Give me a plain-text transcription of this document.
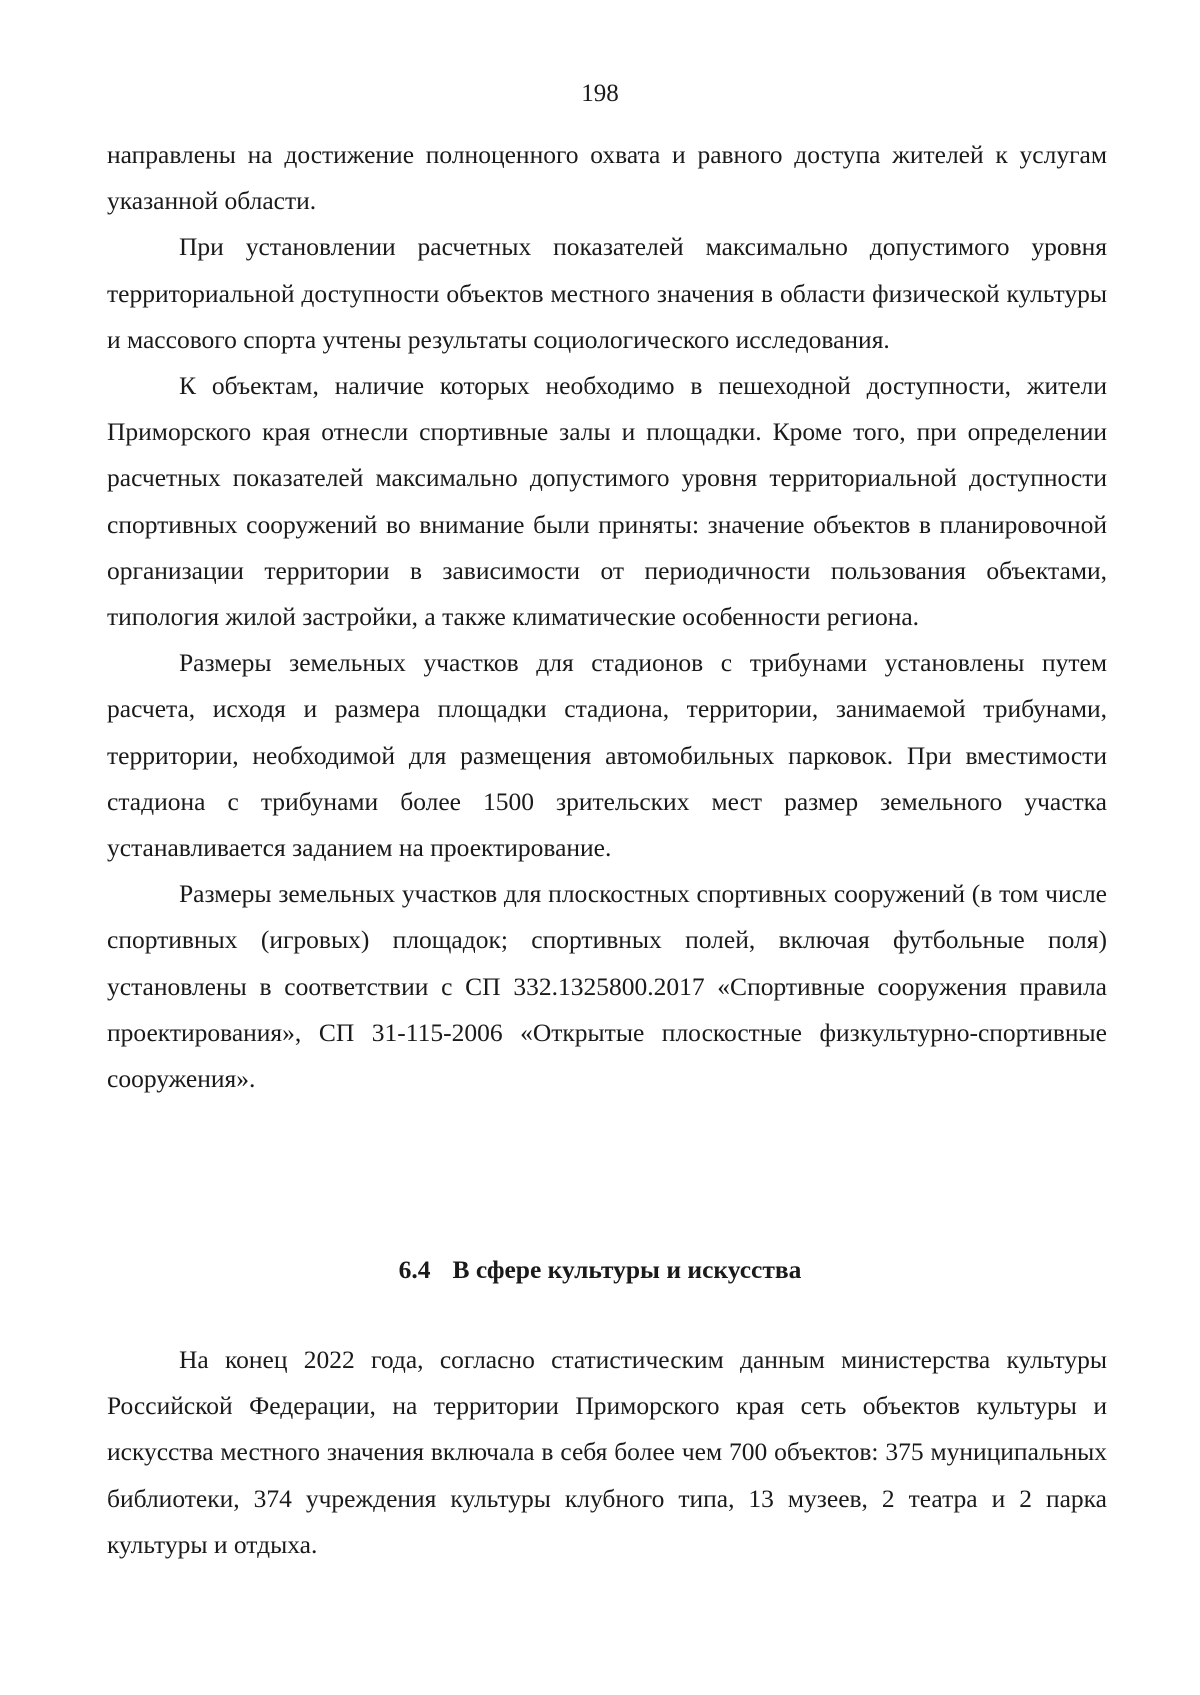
198

направлены на достижение полноценного охвата и равного доступа жителей к услугам указанной области.

При установлении расчетных показателей максимально допустимого уровня территориальной доступности объектов местного значения в области физической культуры и массового спорта учтены результаты социологического исследования.

К объектам, наличие которых необходимо в пешеходной доступности, жители Приморского края отнесли спортивные залы и площадки. Кроме того, при определении расчетных показателей максимально допустимого уровня территориальной доступности спортивных сооружений во внимание были приняты: значение объектов в планировочной организации территории в зависимости от периодичности пользования объектами, типология жилой застройки, а также климатические особенности региона.

Размеры земельных участков для стадионов с трибунами установлены путем расчета, исходя и размера площадки стадиона, территории, занимаемой трибунами, территории, необходимой для размещения автомобильных парковок. При вместимости стадиона с трибунами более 1500 зрительских мест размер земельного участка устанавливается заданием на проектирование.

Размеры земельных участков для плоскостных спортивных сооружений (в том числе спортивных (игровых) площадок; спортивных полей, включая футбольные поля) установлены в соответствии с СП 332.1325800.2017 «Спортивные сооружения правила проектирования», СП 31-115-2006 «Открытые плоскостные физкультурно-спортивные сооружения».

6.4 В сфере культуры и искусства

На конец 2022 года, согласно статистическим данным министерства культуры Российской Федерации, на территории Приморского края сеть объектов культуры и искусства местного значения включала в себя более чем 700 объектов: 375 муниципальных библиотеки, 374 учреждения культуры клубного типа, 13 музеев, 2 театра и 2 парка культуры и отдыха.
